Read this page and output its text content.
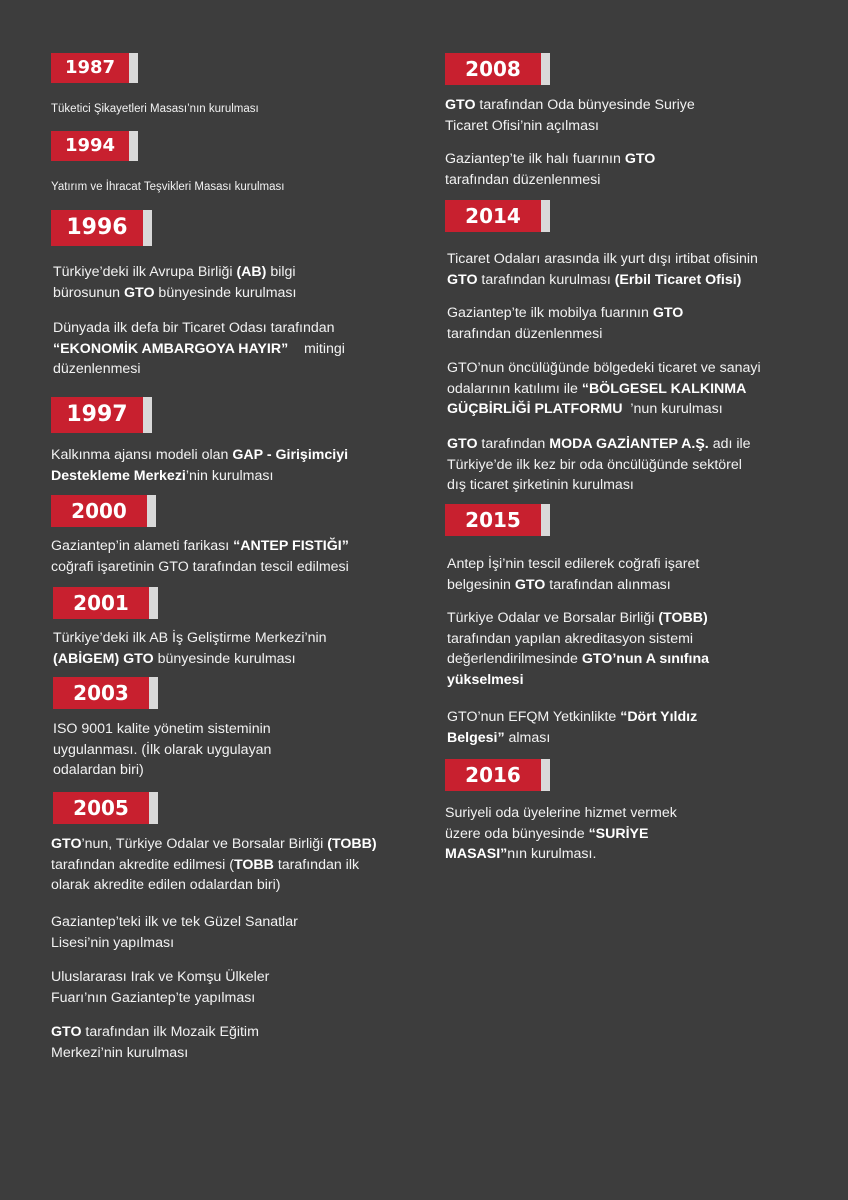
1987

Tüketici Şikayetleri Masası’nın kurulması

1994

Yatırım ve İhracat Teşvikleri Masası kurulması

1996

Türkiye’deki ilk Avrupa Birliği (AB) bilgi
bürosunun GTO bünyesinde kurulması

Dünyada ilk defa bir Ticaret Odası tarafından
“EKONOMİK AMBARGOYA HAYIR” mitingi
düzenlenmesi

1997

Kalkınma ajansı modeli olan GAP - Girişimciyi
Destekleme Merkezi’nin kurulması

2000

Gaziantep’in alameti farikası “ANTEP FISTIĞI”
coğrafi işaretinin GTO tarafından tescil edilmesi

2001

Türkiye’deki ilk AB İş Geliştirme Merkezi’nin
(ABİGEM) GTO bünyesinde kurulması

2003

ISO 9001 kalite yönetim sisteminin
uygulanması. (İlk olarak uygulayan
odalardan biri)

2005

GTO’nun, Türkiye Odalar ve Borsalar Birliği (TOBB)
tarafından akredite edilmesi (TOBB tarafından ilk
olarak akredite edilen odalardan biri)

Gaziantep’teki ilk ve tek Güzel Sanatlar
Lisesi’nin yapılması

Uluslararası Irak ve Komşu Ülkeler
Fuarı’nın Gaziantep’te yapılması

GTO tarafından ilk Mozaik Eğitim
Merkezi’nin kurulması

2008

GTO tarafından Oda bünyesinde Suriye
Ticaret Ofisi’nin açılması

Gaziantep’te ilk halı fuarının GTO
tarafından düzenlenmesi

2014

Ticaret Odaları arasında ilk yurt dışı irtibat ofisinin
GTO tarafından kurulması (Erbil Ticaret Ofisi)

Gaziantep’te ilk mobilya fuarının GTO
tarafından düzenlenmesi

GTO’nun öncülüğünde bölgedeki ticaret ve sanayi
odalarının katılımı ile “BÖLGESEL KALKINMA
GÜÇBİRLİĞİ PLATFORMU ’nun kurulması

GTO tarafından MODA GAZİANTEP A.Ş. adı ile
Türkiye’de ilk kez bir oda öncülüğünde sektörel
dış ticaret şirketinin kurulması

2015

Antep İşi’nin tescil edilerek coğrafi işaret
belgesinin GTO tarafından alınması

Türkiye Odalar ve Borsalar Birliği (TOBB)
tarafından yapılan akreditasyon sistemi
değerlendirilmesinde GTO’nun A sınıfına
yükselmesi

GTO’nun EFQM Yetkinlikte “Dört Yıldız
Belgesi” alması

2016

Suriyeli oda üyelerine hizmet vermek
üzere oda bünyesinde “SURİYE
MASASI”nın kurulması.
